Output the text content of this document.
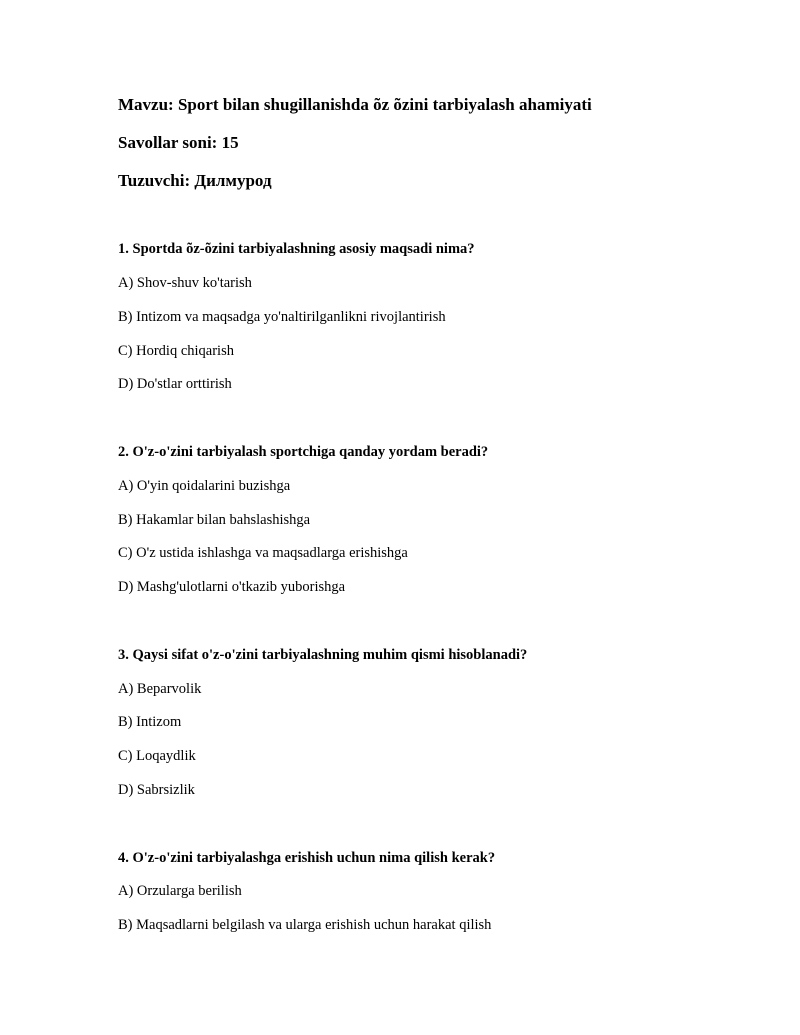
Mavzu: Sport bilan shugillanishda õz õzini tarbiyalash ahamiyati
Savollar soni: 15
Tuzuvchi: Дилмурод
1. Sportda õz-õzini tarbiyalashning asosiy maqsadi nima?
A) Shov-shuv ko'tarish
B) Intizom va maqsadga yo'naltirilganlikni rivojlantirish
C) Hordiq chiqarish
D) Do'stlar orttirish
2. O'z-o'zini tarbiyalash sportchiga qanday yordam beradi?
A) O'yin qoidalarini buzishga
B) Hakamlar bilan bahslashishga
C) O'z ustida ishlashga va maqsadlarga erishishga
D) Mashg'ulotlarni o'tkazib yuborishga
3. Qaysi sifat o'z-o'zini tarbiyalashning muhim qismi hisoblanadi?
A) Beparvolik
B) Intizom
C) Loqaydlik
D) Sabrsizlik
4. O'z-o'zini tarbiyalashga erishish uchun nima qilish kerak?
A) Orzularga berilish
B) Maqsadlarni belgilash va ularga erishish uchun harakat qilish
